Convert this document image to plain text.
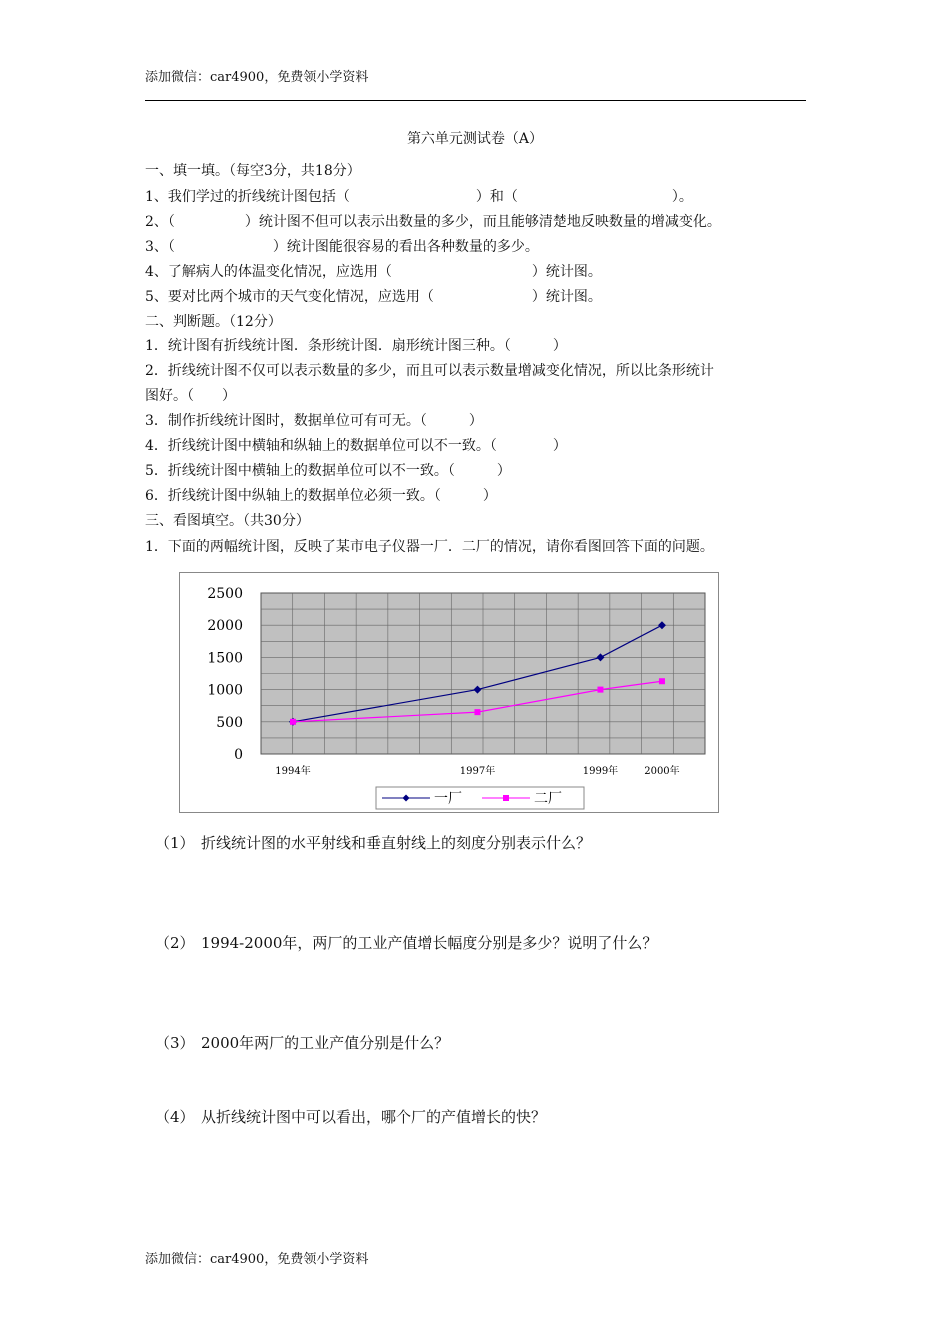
添加微信：car4900，免费领小学资料
第六单元测试卷（A）
一、填一填。（每空3分，共18分）
1、我们学过的折线统计图包括（　　　　　　　　　）和（　　　　　　　　　　　）。
2、（　　　　　）统计图不但可以表示出数量的多少，而且能够清楚地反映数量的增减变化。
3、（　　　　　　　）统计图能很容易的看出各种数量的多少。
4、了解病人的体温变化情况，应选用（　　　　　　　　　　）统计图。
5、要对比两个城市的天气变化情况，应选用（　　　　　　　）统计图。
二、判断题。（12分）
1．统计图有折线统计图．条形统计图．扇形统计图三种。（　　　）
2．折线统计图不仅可以表示数量的多少，而且可以表示数量增减变化情况，所以比条形统计
图好。（　　）
3．制作折线统计图时，数据单位可有可无。（　　　）
4．折线统计图中横轴和纵轴上的数据单位可以不一致。（　　　　）
5．折线统计图中横轴上的数据单位可以不一致。（　　　）
6．折线统计图中纵轴上的数据单位必须一致。（　　　）
三、看图填空。（共30分）
1．下面的两幅统计图，反映了某市电子仪器一厂．二厂的情况，请你看图回答下面的问题。
2500
2000
1500
1000
500
0
1994年	1997年	1999年	2000年
一厂	二厂
（1） 折线统计图的水平射线和垂直射线上的刻度分别表示什么？
（2） 1994-2000年，两厂的工业产值增长幅度分别是多少？说明了什么？
（3） 2000年两厂的工业产值分别是什么？
（4） 从折线统计图中可以看出，哪个厂的产值增长的快？
添加微信：car4900，免费领小学资料
